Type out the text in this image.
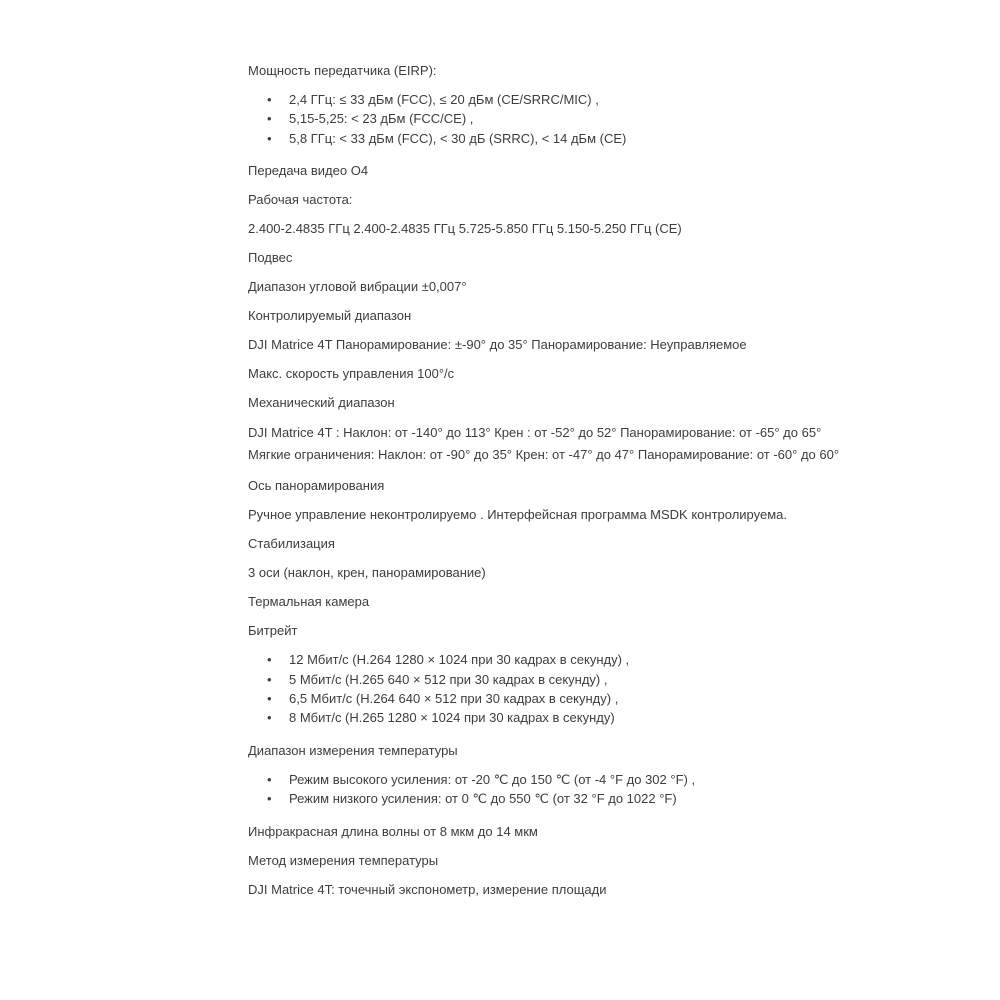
Мощность передатчика (EIRP):

• 2,4 ГГц: ≤ 33 дБм (FCC), ≤ 20 дБм (CE/SRRC/MIC) ,
• 5,15-5,25: < 23 дБм (FCC/CE) ,
• 5,8 ГГц: < 33 дБм (FCC), < 30 дБ (SRRC), < 14 дБм (CE)

Передача видео O4

Рабочая частота:

2.400-2.4835 ГГц 2.400-2.4835 ГГц 5.725-5.850 ГГц 5.150-5.250 ГГц (CE)

Подвес

Диапазон угловой вибрации ±0,007°

Контролируемый диапазон

DJI Matrice 4T Панорамирование: ±-90° до 35° Панорамирование: Неуправляемое

Макс. скорость управления 100°/с

Механический диапазон

DJI Matrice 4T : Наклон: от -140° до 113° Крен : от -52° до 52° Панорамирование: от -65° до 65°
Мягкие ограничения: Наклон: от -90° до 35° Крен: от -47° до 47° Панорамирование: от -60° до 60°

Ось панорамирования

Ручное управление неконтролируемо . Интерфейсная программа MSDK контролируема.

Стабилизация

3 оси (наклон, крен, панорамирование)

Термальная камера

Битрейт

• 12 Мбит/с (H.264 1280 × 1024 при 30 кадрах в секунду) ,
• 5 Мбит/с (H.265 640 × 512 при 30 кадрах в секунду) ,
• 6,5 Мбит/с (H.264 640 × 512 при 30 кадрах в секунду) ,
• 8 Мбит/с (H.265 1280 × 1024 при 30 кадрах в секунду)

Диапазон измерения температуры

• Режим высокого усиления: от -20 ℃ до 150 ℃ (от -4 °F до 302 °F) ,
• Режим низкого усиления: от 0 ℃ до 550 ℃ (от 32 °F до 1022 °F)

Инфракрасная длина волны от 8 мкм до 14 мкм

Метод измерения температуры

DJI Matrice 4T: точечный экспонометр, измерение площади
